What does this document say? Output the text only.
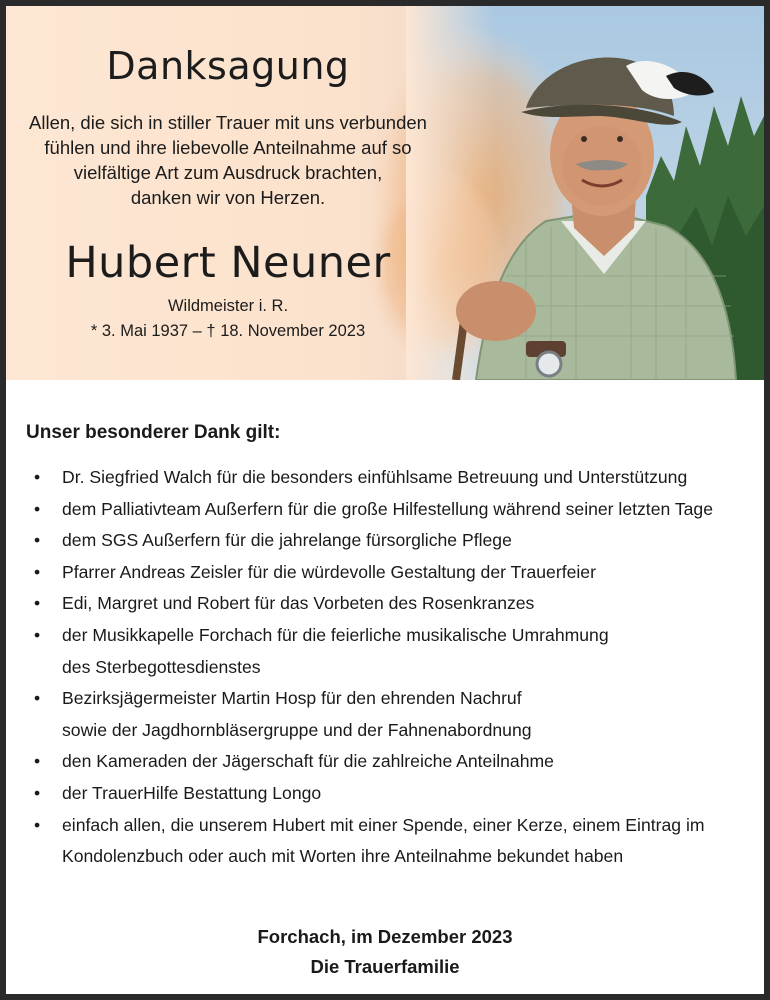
Danksagung
Allen, die sich in stiller Trauer mit uns verbunden
fühlen und ihre liebevolle Anteilnahme auf so
vielfältige Art zum Ausdruck brachten,
danken wir von Herzen.
Hubert Neuner
Wildmeister i. R.
* 3. Mai 1937 – † 18. November 2023
Unser besonderer Dank gilt:
• Dr. Siegfried Walch für die besonders einfühlsame Betreuung und Unterstützung
• dem Palliativteam Außerfern für die große Hilfestellung während seiner letzten Tage
• dem SGS Außerfern für die jahrelange fürsorgliche Pflege
• Pfarrer Andreas Zeisler für die würdevolle Gestaltung der Trauerfeier
• Edi, Margret und Robert für das Vorbeten des Rosenkranzes
• der Musikkapelle Forchach für die feierliche musikalische Umrahmung
des Sterbegottesdienstes
• Bezirksjägermeister Martin Hosp für den ehrenden Nachruf
sowie der Jagdhornbläsergruppe und der Fahnenabordnung
• den Kameraden der Jägerschaft für die zahlreiche Anteilnahme
• der TrauerHilfe Bestattung Longo
• einfach allen, die unserem Hubert mit einer Spende, einer Kerze, einem Eintrag im
Kondolenzbuch oder auch mit Worten ihre Anteilnahme bekundet haben
Forchach, im Dezember 2023
Die Trauerfamilie
